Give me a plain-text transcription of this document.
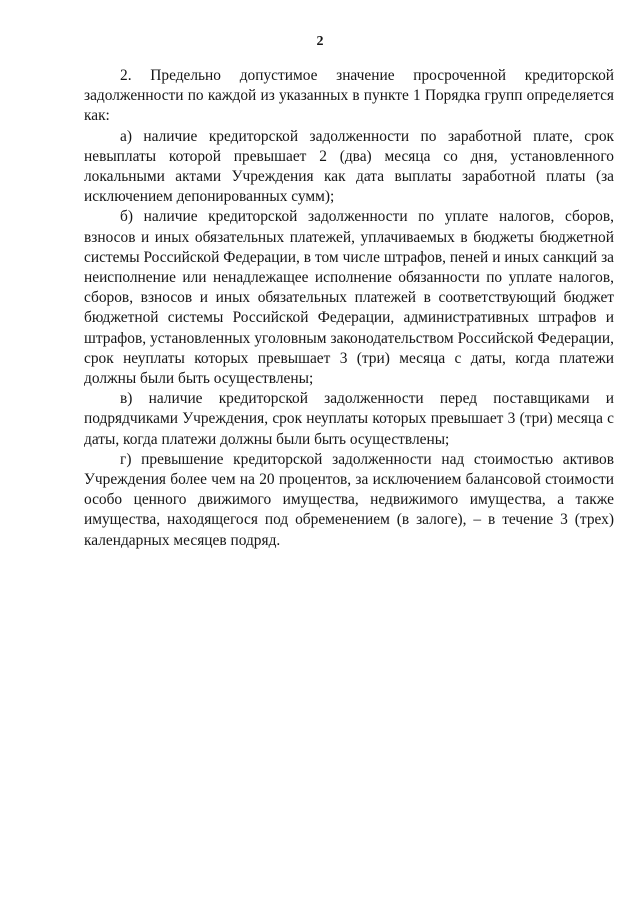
2

2. Предельно допустимое значение просроченной кредиторской задолженности по каждой из указанных в пункте 1 Порядка групп определяется как:

а) наличие кредиторской задолженности по заработной плате, срок невыплаты которой превышает 2 (два) месяца со дня, установленного локальными актами Учреждения как дата выплаты заработной платы (за исключением депонированных сумм);

б) наличие кредиторской задолженности по уплате налогов, сборов, взносов и иных обязательных платежей, уплачиваемых в бюджеты бюджетной системы Российской Федерации, в том числе штрафов, пеней и иных санкций за неисполнение или ненадлежащее исполнение обязанности по уплате налогов, сборов, взносов и иных обязательных платежей в соответствующий бюджет бюджетной системы Российской Федерации, административных штрафов и штрафов, установленных уголовным законодательством Российской Федерации, срок неуплаты которых превышает 3 (три) месяца с даты, когда платежи должны были быть осуществлены;

в) наличие кредиторской задолженности перед поставщиками и подрядчиками Учреждения, срок неуплаты которых превышает 3 (три) месяца с даты, когда платежи должны были быть осуществлены;

г) превышение кредиторской задолженности над стоимостью активов Учреждения более чем на 20 процентов, за исключением балансовой стоимости особо ценного движимого имущества, недвижимого имущества, а также имущества, находящегося под обременением (в залоге), – в течение 3 (трех) календарных месяцев подряд.
